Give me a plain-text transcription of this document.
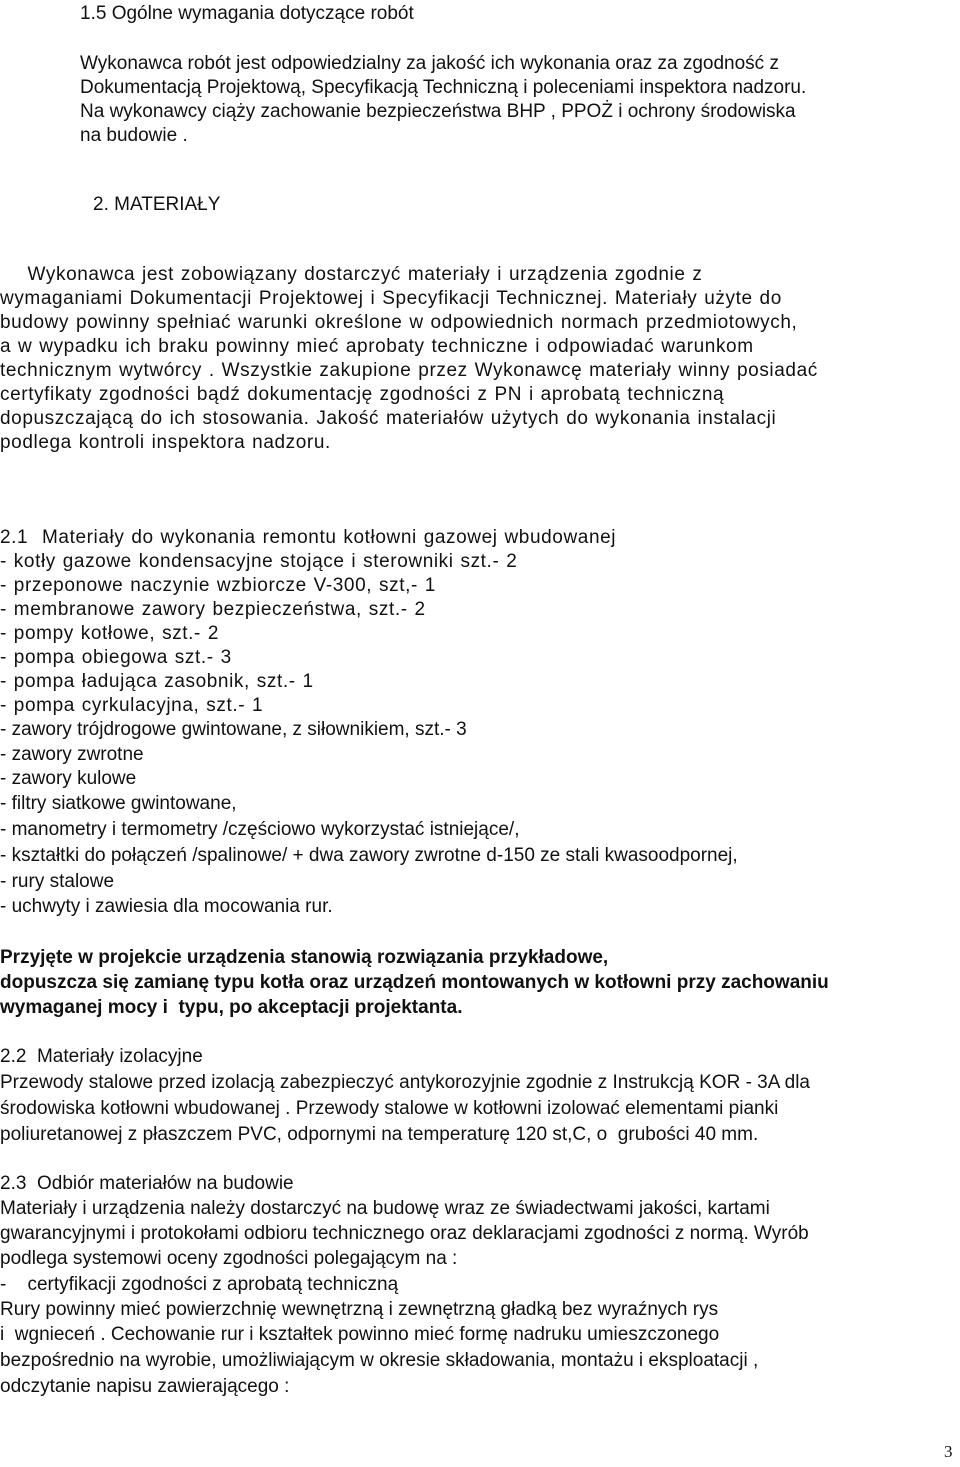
1.5 Ogólne wymagania dotyczące robót
Wykonawca robót jest odpowiedzialny za jakość ich wykonania oraz za zgodność z
Dokumentacją Projektową, Specyfikacją Techniczną i poleceniami inspektora nadzoru.
Na wykonawcy ciąży zachowanie bezpieczeństwa BHP , PPOŻ i ochrony środowiska
na budowie .
2. MATERIAŁY
Wykonawca jest zobowiązany dostarczyć materiały i urządzenia zgodnie z
wymaganiami Dokumentacji Projektowej i Specyfikacji Technicznej. Materiały użyte do
budowy powinny spełniać warunki określone w odpowiednich normach przedmiotowych,
a w wypadku ich braku powinny mieć aprobaty techniczne i odpowiadać warunkom
technicznym wytwórcy . Wszystkie zakupione przez Wykonawcę materiały winny posiadać
certyfikaty zgodności bądź dokumentację zgodności z PN i aprobatą techniczną
dopuszczającą do ich stosowania. Jakość materiałów użytych do wykonania instalacji
podlega kontroli inspektora nadzoru.
2.1  Materiały do wykonania remontu kotłowni gazowej wbudowanej
- kotły gazowe kondensacyjne stojące i sterowniki szt.- 2
- przeponowe naczynie wzbiorcze V-300, szt,- 1
- membranowe zawory bezpieczeństwa, szt.- 2
- pompy kotłowe, szt.- 2
- pompa obiegowa szt.- 3
- pompa ładująca zasobnik, szt.- 1
- pompa cyrkulacyjna, szt.- 1
- zawory trójdrogowe gwintowane, z siłownikiem, szt.- 3
- zawory zwrotne
- zawory kulowe
- filtry siatkowe gwintowane,
- manometry i termometry /częściowo wykorzystać istniejące/,
- kształtki do połączeń /spalinowe/ + dwa zawory zwrotne d-150 ze stali kwasoodpornej,
- rury stalowe
- uchwyty i zawiesia dla mocowania rur.
Przyjęte w projekcie urządzenia stanowią rozwiązania przykładowe,
dopuszcza się zamianę typu kotła oraz urządzeń montowanych w kotłowni przy zachowaniu
wymaganej mocy i  typu, po akceptacji projektanta.
2.2  Materiały izolacyjne
Przewody stalowe przed izolacją zabezpieczyć antykorozyjnie zgodnie z Instrukcją KOR - 3A dla
środowiska kotłowni wbudowanej . Przewody stalowe w kotłowni izolować elementami pianki
poliuretanowej z płaszczem PVC, odpornymi na temperaturę 120 st,C, o  grubości 40 mm.
2.3  Odbiór materiałów na budowie
Materiały i urządzenia należy dostarczyć na budowę wraz ze świadectwami jakości, kartami
gwarancyjnymi i protokołami odbioru technicznego oraz deklaracjami zgodności z normą. Wyrób
podlega systemowi oceny zgodności polegającym na :
-    certyfikacji zgodności z aprobatą techniczną
Rury powinny mieć powierzchnię wewnętrzną i zewnętrzną gładką bez wyraźnych rys
i  wgnieceń . Cechowanie rur i kształtek powinno mieć formę nadruku umieszczonego
bezpośrednio na wyrobie, umożliwiającym w okresie składowania, montażu i eksploatacji ,
odczytanie napisu zawierającego :
3
